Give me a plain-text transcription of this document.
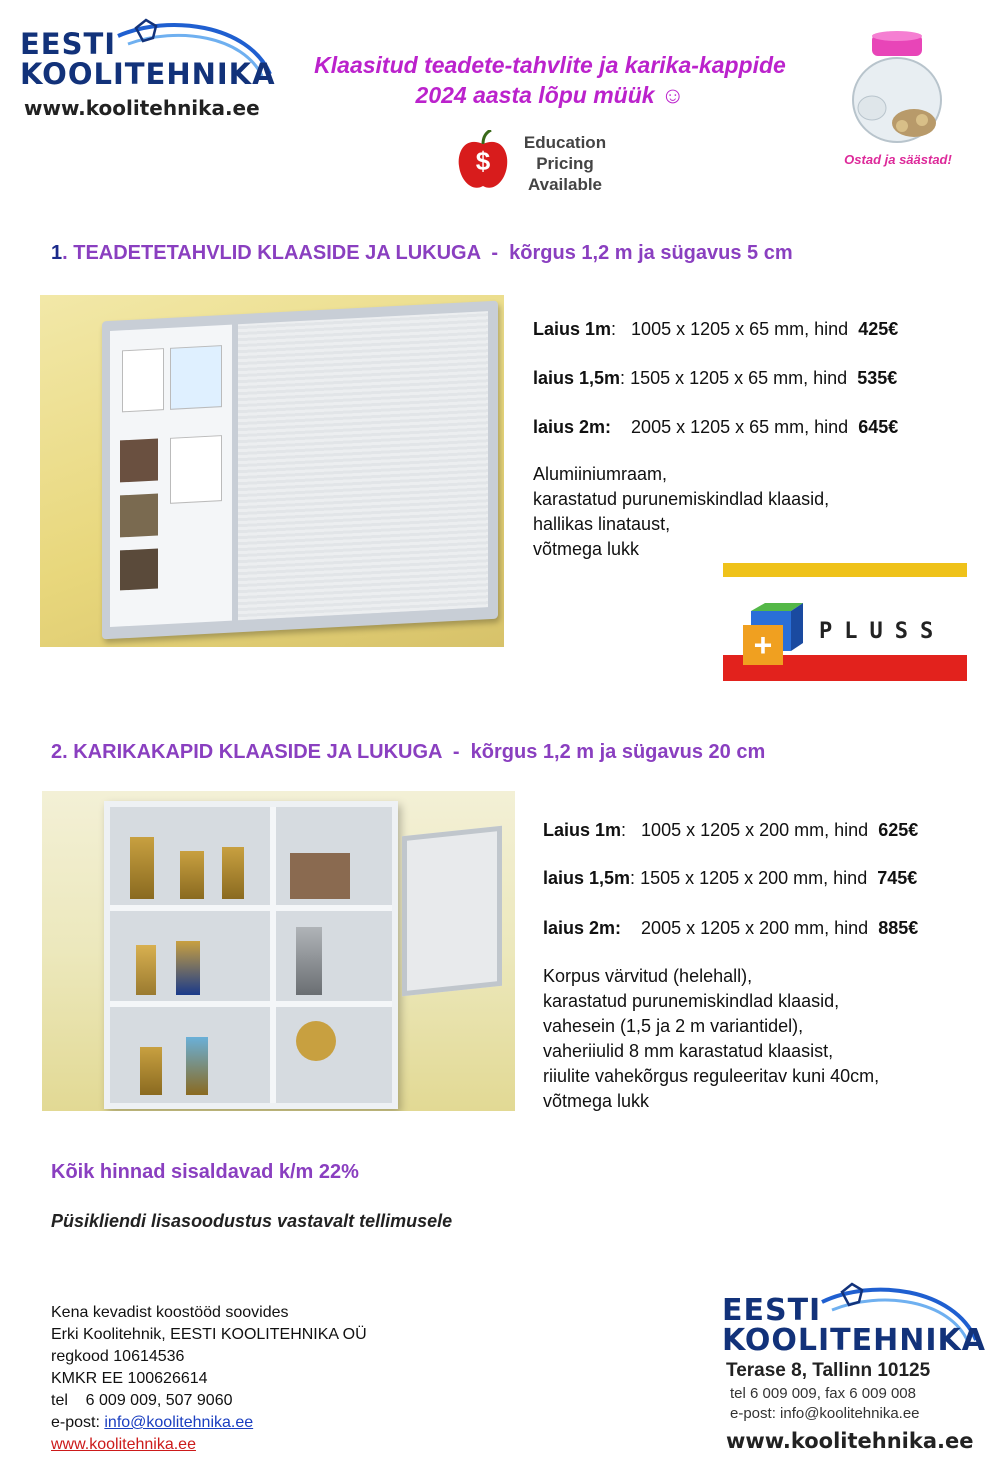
EESTI
KOOLITEHNIKA
www.koolitehnika.ee
Klaasitud teadete-tahvlite ja karika-kappide
2024 aasta lõpu müük ☺
$
Education
Pricing
Available
Ostad ja säästad!
1. TEADETETAHVLID KLAASIDE JA LUKUGA  -  kõrgus 1,2 m ja sügavus 5 cm
Laius 1m:   1005 x 1205 x 65 mm, hind 425€
laius 1,5m: 1505 x 1205 x 65 mm, hind 535€
laius 2m: 2005 x 1205 x 65 mm, hind 645€
Alumiiniumraam,
karastatud purunemiskindlad klaasid,
hallikas linataust,
võtmega lukk
+	PLUSS
2. KARIKAKAPID KLAASIDE JA LUKUGA  -  kõrgus 1,2 m ja sügavus 20 cm
Laius 1m:   1005 x 1205 x 200 mm, hind 625€
laius 1,5m: 1505 x 1205 x 200 mm, hind 745€
laius 2m: 2005 x 1205 x 200 mm, hind 885€
Korpus värvitud (helehall),
karastatud purunemiskindlad klaasid,
vahesein (1,5 ja 2 m variantidel),
vaheriiulid 8 mm karastatud klaasist,
riiulite vahekõrgus reguleeritav kuni 40cm,
võtmega lukk
Kõik hinnad sisaldavad k/m 22%
Püsikliendi lisasoodustus vastavalt tellimusele
Kena kevadist koostööd soovides
Erki Koolitehnik, EESTI KOOLITEHNIKA OÜ
regkood 10614536
KMKR EE 100626614
tel    6 009 009, 507 9060
e-post: info@koolitehnika.ee
www.koolitehnika.ee
EESTI
KOOLITEHNIKA
Terase 8, Tallinn 10125
tel 6 009 009, fax 6 009 008
e-post: info@koolitehnika.ee
www.koolitehnika.ee
